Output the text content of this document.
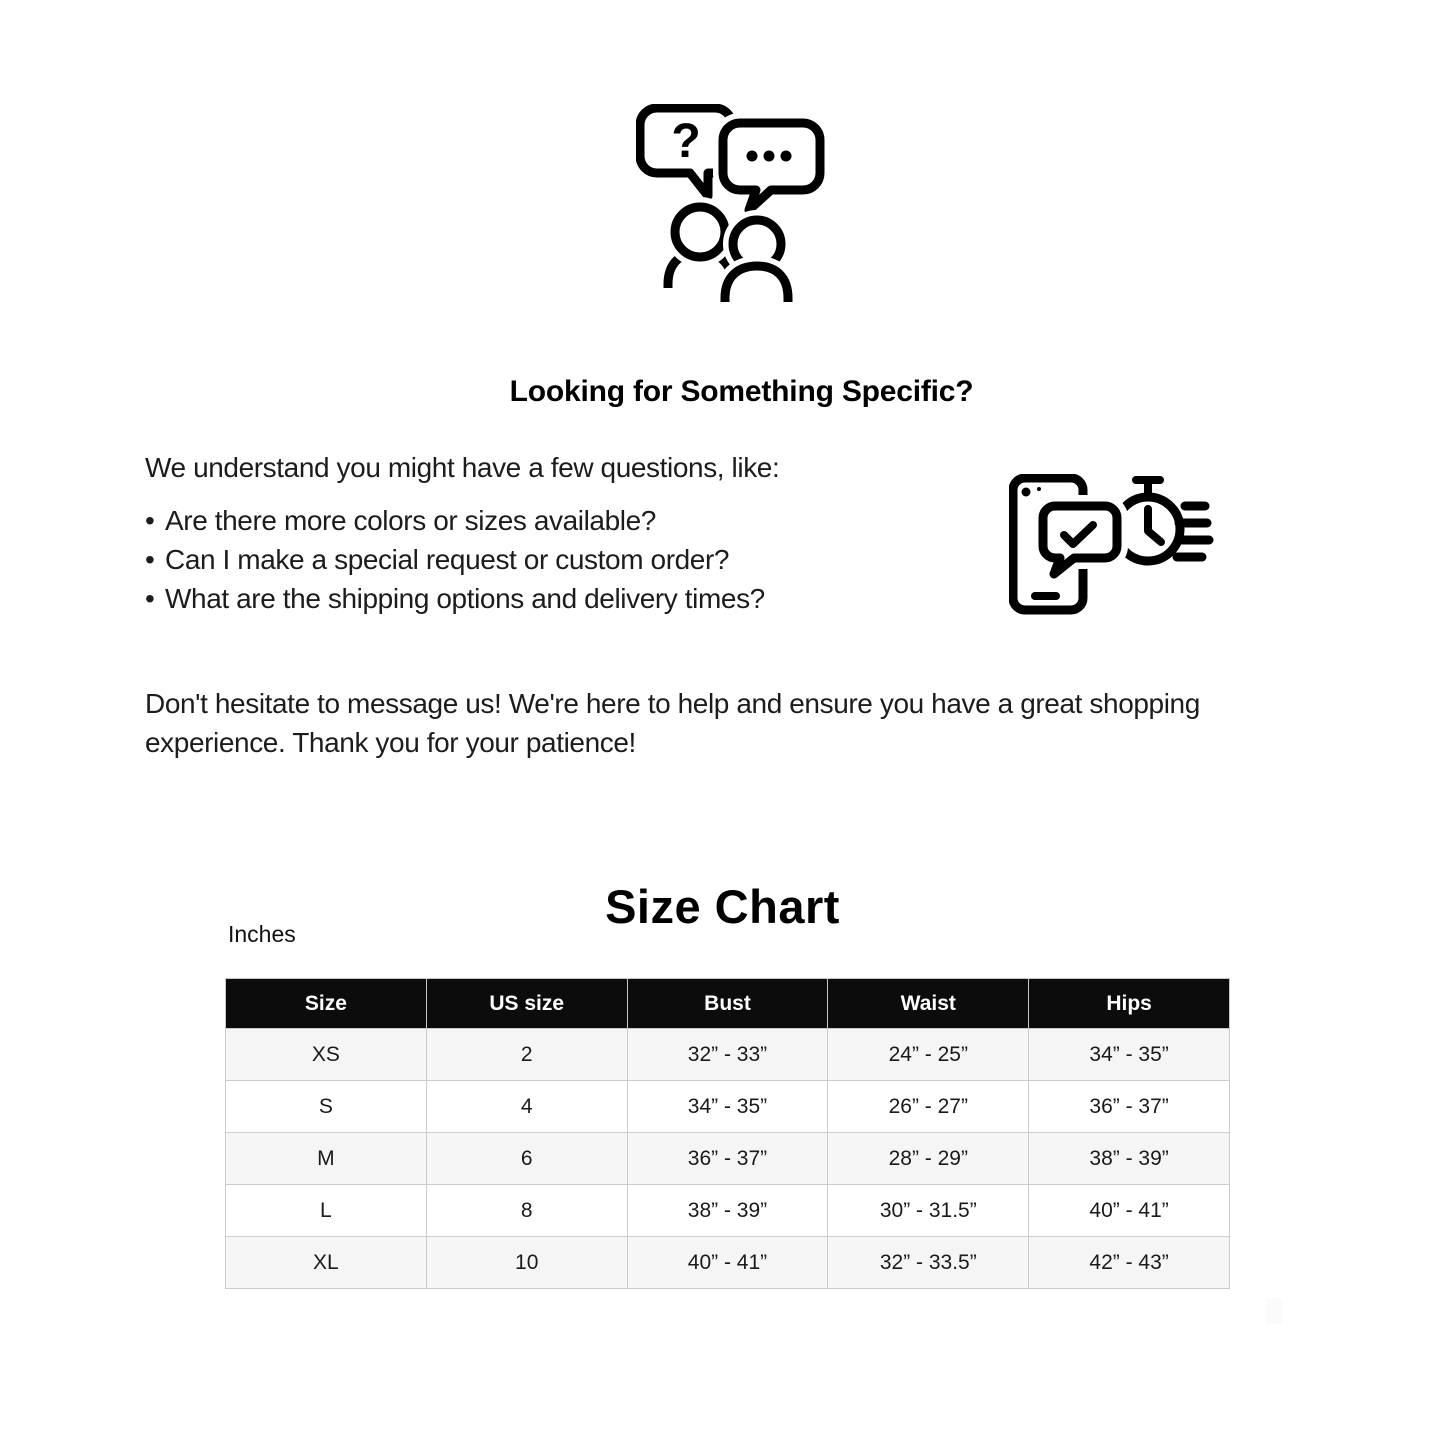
?
Looking for Something Specific?

We understand you might have a few questions, like:

• Are there more colors or sizes available?
• Can I make a special request or custom order?
• What are the shipping options and delivery times?

Don't hesitate to message us! We're here to help and ensure you have a great shopping
experience. Thank you for your patience!

Size Chart
Inches
Size	US size	Bust	Waist	Hips
XS	2	32” - 33”	24” - 25”	34” - 35”
S	4	34” - 35”	26” - 27”	36” - 37”
M	6	36” - 37”	28” - 29”	38” - 39”
L	8	38” - 39”	30” - 31.5”	40” - 41”
XL	10	40” - 41”	32” - 33.5”	42” - 43”
